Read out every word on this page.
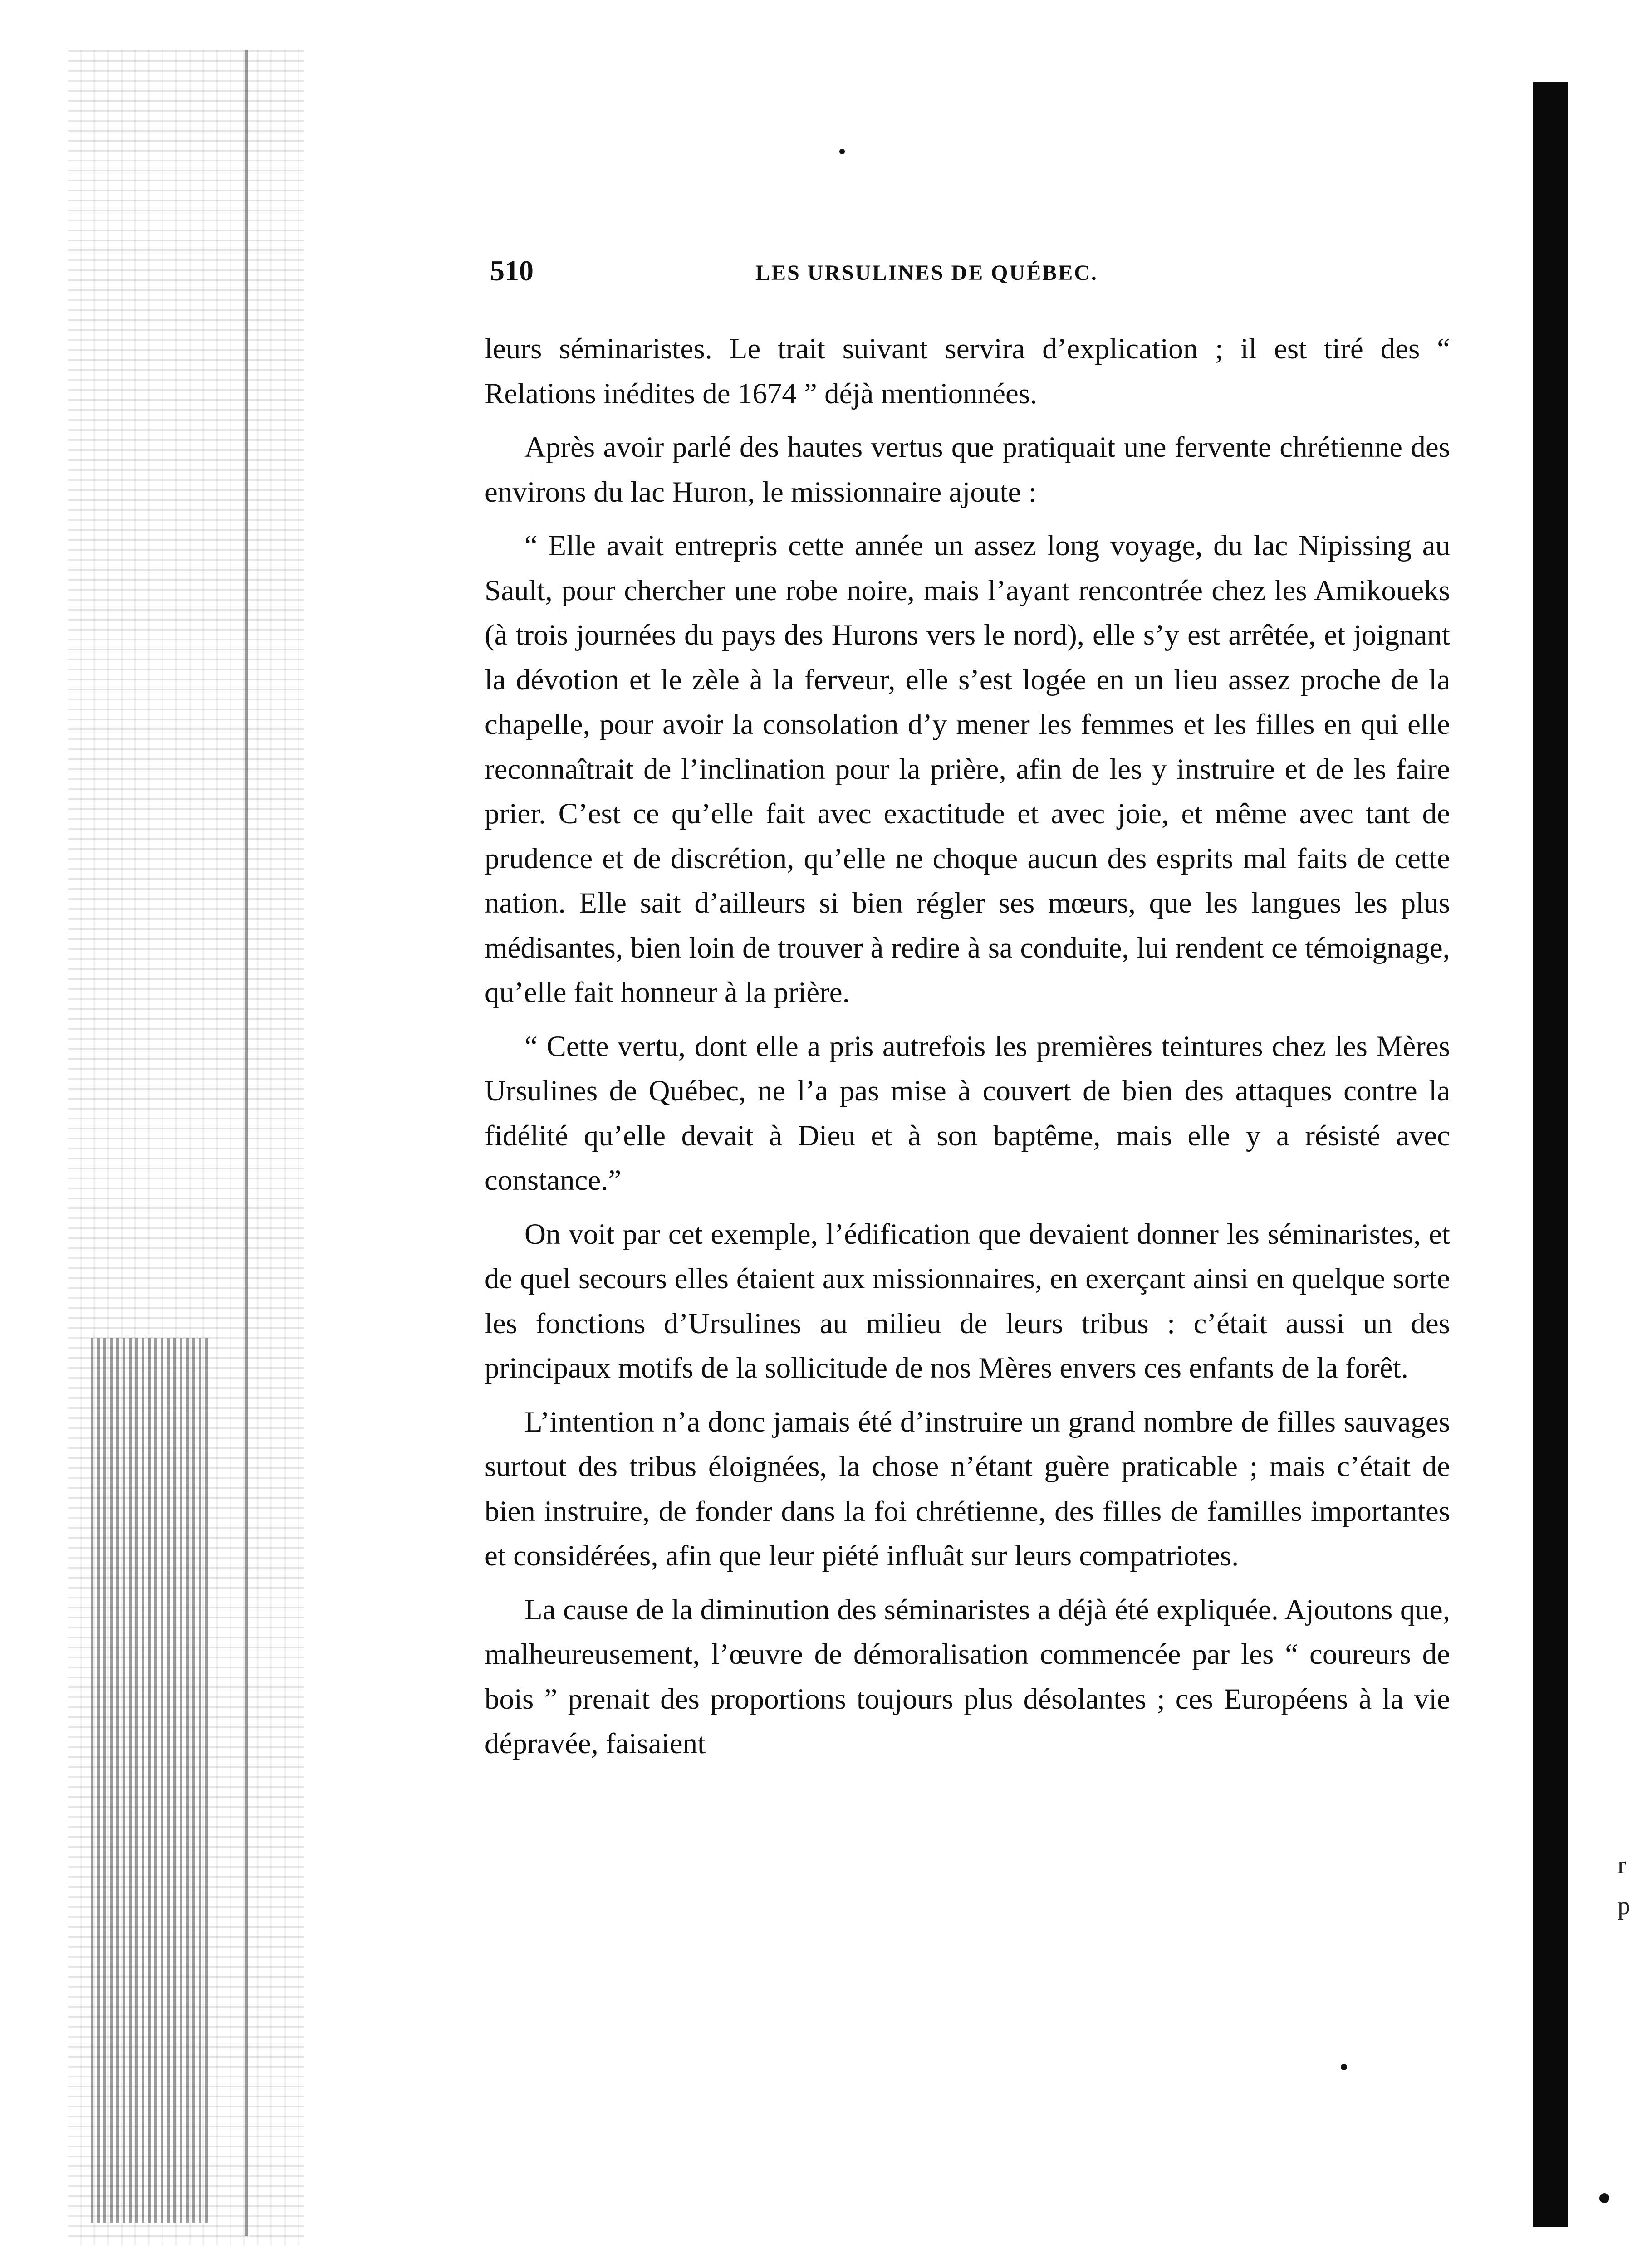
r
p
510	LES URSULINES DE QUÉBEC.

leurs séminaristes. Le trait suivant servira d’explication ; il est tiré des “ Relations inédites de 1674 ” déjà mentionnées.

Après avoir parlé des hautes vertus que pratiquait une fervente chrétienne des environs du lac Huron, le missionnaire ajoute :

“ Elle avait entrepris cette année un assez long voyage, du lac Nipissing au Sault, pour chercher une robe noire, mais l’ayant rencontrée chez les Amikoueks (à trois journées du pays des Hurons vers le nord), elle s’y est arrêtée, et joignant la dévotion et le zèle à la ferveur, elle s’est logée en un lieu assez proche de la chapelle, pour avoir la consolation d’y mener les femmes et les filles en qui elle reconnaîtrait de l’inclination pour la prière, afin de les y instruire et de les faire prier. C’est ce qu’elle fait avec exactitude et avec joie, et même avec tant de prudence et de discrétion, qu’elle ne choque aucun des esprits mal faits de cette nation. Elle sait d’ailleurs si bien régler ses mœurs, que les langues les plus médisantes, bien loin de trouver à redire à sa conduite, lui rendent ce témoignage, qu’elle fait honneur à la prière.

“ Cette vertu, dont elle a pris autrefois les premières teintures chez les Mères Ursulines de Québec, ne l’a pas mise à couvert de bien des attaques contre la fidélité qu’elle devait à Dieu et à son baptême, mais elle y a résisté avec constance.”

On voit par cet exemple, l’édification que devaient donner les séminaristes, et de quel secours elles étaient aux missionnaires, en exerçant ainsi en quelque sorte les fonctions d’Ursulines au milieu de leurs tribus : c’était aussi un des principaux motifs de la sollicitude de nos Mères envers ces enfants de la forêt.

L’intention n’a donc jamais été d’instruire un grand nombre de filles sauvages surtout des tribus éloignées, la chose n’étant guère praticable ; mais c’était de bien instruire, de fonder dans la foi chrétienne, des filles de familles importantes et considérées, afin que leur piété influât sur leurs compatriotes.

La cause de la diminution des séminaristes a déjà été expliquée. Ajoutons que, malheureusement, l’œuvre de démoralisation commencée par les “ coureurs de bois ” prenait des proportions toujours plus désolantes ; ces Européens à la vie dépravée, faisaient
